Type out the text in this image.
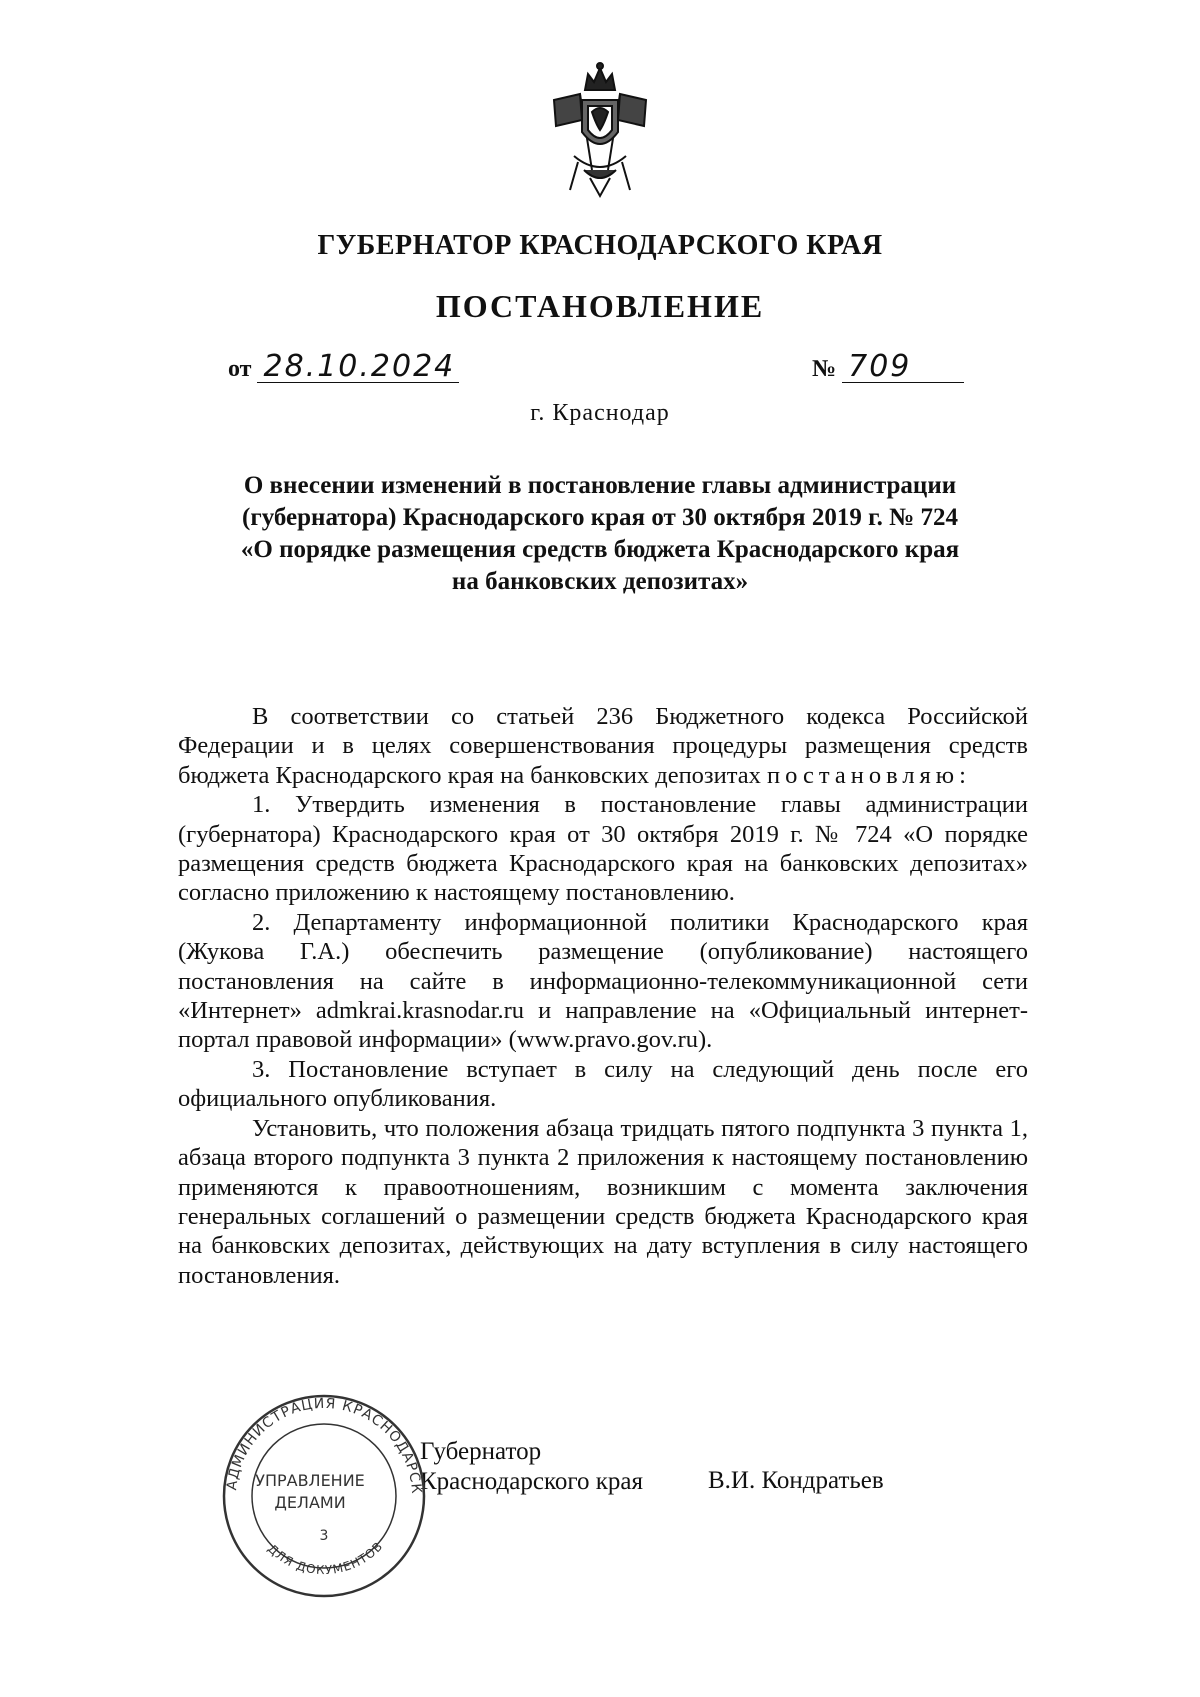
ГУБЕРНАТОР КРАСНОДАРСКОГО КРАЯ
ПОСТАНОВЛЕНИЕ
от 28.10.2024	№ 709
г. Краснодар
О внесении изменений в постановление главы администрации
(губернатора) Краснодарского края от 30 октября 2019 г. № 724
«О порядке размещения средств бюджета Краснодарского края
на банковских депозитах»

В соответствии со статьей 236 Бюджетного кодекса Российской Федерации и в целях совершенствования процедуры размещения средств бюджета Краснодарского края на банковских депозитах постановляю:

1. Утвердить изменения в постановление главы администрации (губернатора) Краснодарского края от 30 октября 2019 г. № 724 «О порядке размещения средств бюджета Краснодарского края на банковских депозитах» согласно приложению к настоящему постановлению.

2. Департаменту информационной политики Краснодарского края (Жукова Г.А.) обеспечить размещение (опубликование) настоящего постановления на сайте в информационно-телекоммуникационной сети «Интернет» admkrai.krasnodar.ru и направление на «Официальный интернет-портал правовой информации» (www.pravo.gov.ru).

3. Постановление вступает в силу на следующий день после его официального опубликования.

Установить, что положения абзаца тридцать пятого подпункта 3 пункта 1, абзаца второго подпункта 3 пункта 2 приложения к настоящему постановлению применяются к правоотношениям, возникшим с момента заключения генеральных соглашений о размещении средств бюджета Краснодарского края на банковских депозитах, действующих на дату вступления в силу настоящего постановления.

Губернатор
Краснодарского края	В.И. Кондратьев
АДМИНИСТРАЦИЯ КРАСНОДАРСК
ДЛЯ ДОКУМЕНТОВ
УПРАВЛЕНИЕ
ДЕЛАМИ
3
